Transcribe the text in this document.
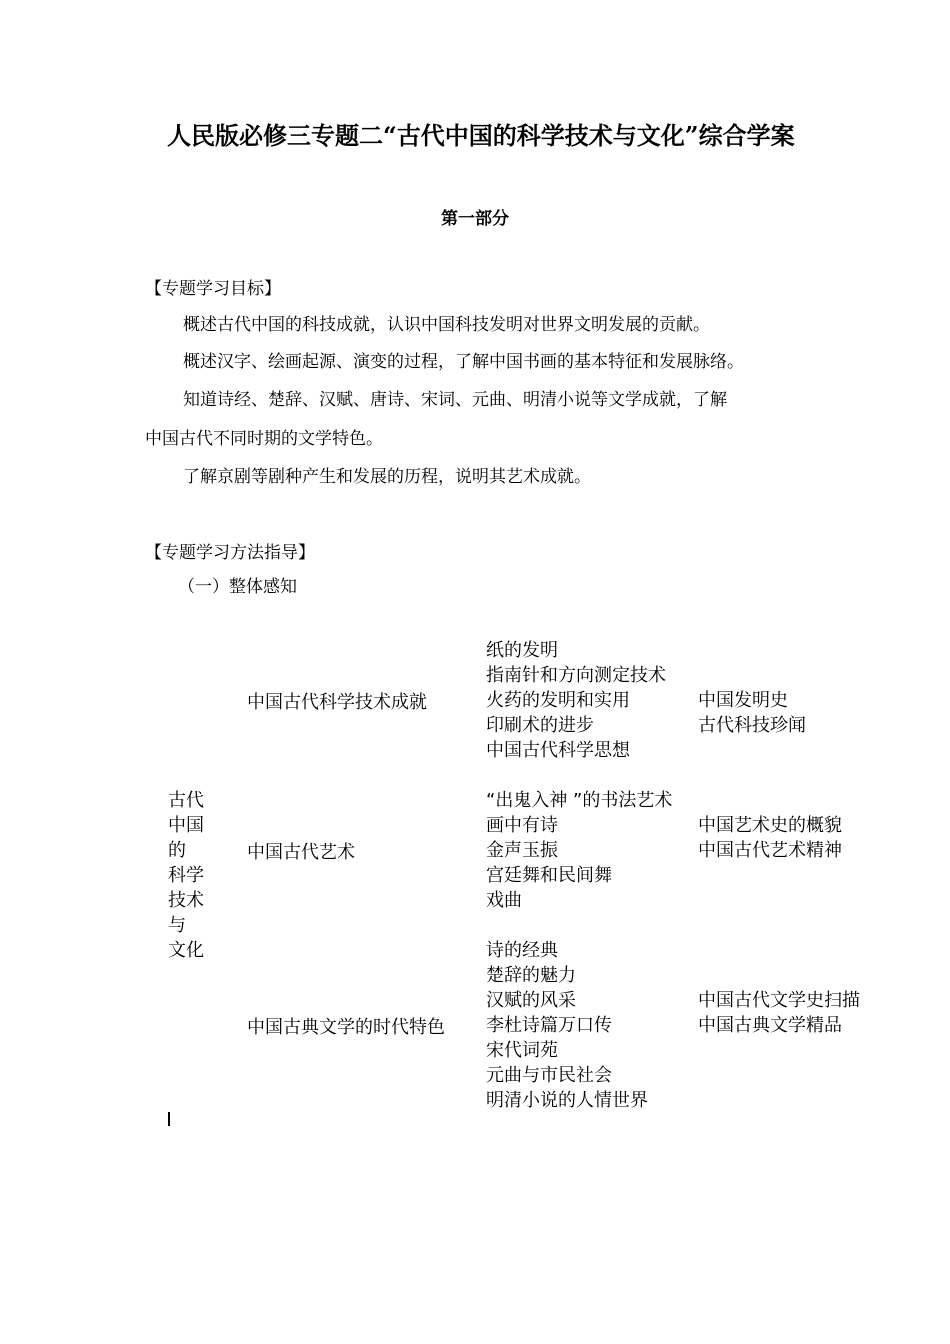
人民版必修三专题二“古代中国的科学技术与文化”综合学案
第一部分
【专题学习目标】
概述古代中国的科技成就，认识中国科技发明对世界文明发展的贡献。
概述汉字、绘画起源、演变的过程，了解中国书画的基本特征和发展脉络。
知道诗经、楚辞、汉赋、唐诗、宋词、元曲、明清小说等文学成就，了解
中国古代不同时期的文学特色。
了解京剧等剧种产生和发展的历程，说明其艺术成就。
【专题学习方法指导】
（一）整体感知
古代
中国
的
科学
技术
与
文化
中国古代科学技术成就
纸的发明
指南针和方向测定技术
火药的发明和实用
印刷术的进步
中国古代科学思想
中国发明史
古代科技珍闻
中国古代艺术
“出鬼入神 ”的书法艺术
画中有诗
金声玉振
宫廷舞和民间舞
戏曲
中国艺术史的概貌
中国古代艺术精神
中国古典文学的时代特色
诗的经典
楚辞的魅力
汉赋的风采
李杜诗篇万口传
宋代词苑
元曲与市民社会
明清小说的人情世界
中国古代文学史扫描
中国古典文学精品
